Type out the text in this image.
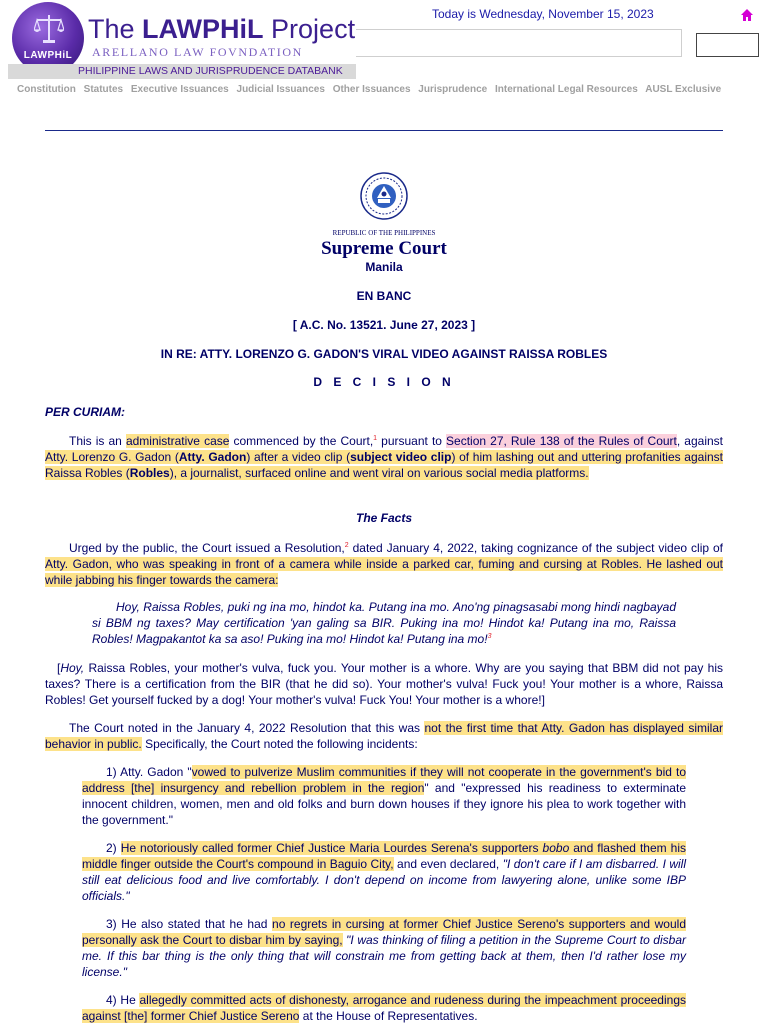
LAWPHiL
The LAWPHiL Project
ARELLANO LAW FOVNDATION
PHILIPPINE LAWS AND JURISPRUDENCE DATABANK
Today is Wednesday, November 15, 2023
Constitution Statutes Executive Issuances Judicial Issuances Other Issuances Jurisprudence International Legal Resources AUSL Exclusive
REPUBLIC OF THE PHILIPPINES
Supreme Court
Manila
EN BANC
[ A.C. No. 13521. June 27, 2023 ]
IN RE: ATTY. LORENZO G. GADON'S VIRAL VIDEO AGAINST RAISSA ROBLES
D E C I S I O N
PER CURIAM:
This is an administrative case commenced by the Court,$^1$ pursuant to Section 27, Rule 138 of the Rules of Court, against Atty. Lorenzo G. Gadon (Atty. Gadon) after a video clip (subject video clip) of him lashing out and uttering profanities against Raissa Robles (Robles), a journalist, surfaced online and went viral on various social media platforms.
The Facts
Urged by the public, the Court issued a Resolution,$^2$ dated January 4, 2022, taking cognizance of the subject video clip of Atty. Gadon, who was speaking in front of a camera while inside a parked car, fuming and cursing at Robles. He lashed out while jabbing his finger towards the camera:
Hoy, Raissa Robles, puki ng ina mo, hindot ka. Putang ina mo. Ano'ng pinagsasabi mong hindi nagbayad si BBM ng taxes? May certification 'yan galing sa BIR. Puking ina mo! Hindot ka! Putang ina mo, Raissa Robles! Magpakantot ka sa aso! Puking ina mo! Hindot ka! Putang ina mo!$^3$
[Hoy, Raissa Robles, your mother's vulva, fuck you. Your mother is a whore. Why are you saying that BBM did not pay his taxes? There is a certification from the BIR (that he did so). Your mother's vulva! Fuck you! Your mother is a whore, Raissa Robles! Get yourself fucked by a dog! Your mother's vulva! Fuck You! Your mother is a whore!]
The Court noted in the January 4, 2022 Resolution that this was not the first time that Atty. Gadon has displayed similar behavior in public. Specifically, the Court noted the following incidents:
1) Atty. Gadon "vowed to pulverize Muslim communities if they will not cooperate in the government's bid to address [the] insurgency and rebellion problem in the region" and "expressed his readiness to exterminate innocent children, women, men and old folks and burn down houses if they ignore his plea to work together with the government."
2) He notoriously called former Chief Justice Maria Lourdes Serena's supporters bobo and flashed them his middle finger outside the Court's compound in Baguio City, and even declared, "I don't care if I am disbarred. I will still eat delicious food and live comfortably. I don't depend on income from lawyering alone, unlike some IBP officials."
3) He also stated that he had no regrets in cursing at former Chief Justice Sereno's supporters and would personally ask the Court to disbar him by saying, "I was thinking of filing a petition in the Supreme Court to disbar me. If this bar thing is the only thing that will constrain me from getting back at them, then I'd rather lose my license."
4) He allegedly committed acts of dishonesty, arrogance and rudeness during the impeachment proceedings against [the] former Chief Justice Sereno at the House of Representatives.
